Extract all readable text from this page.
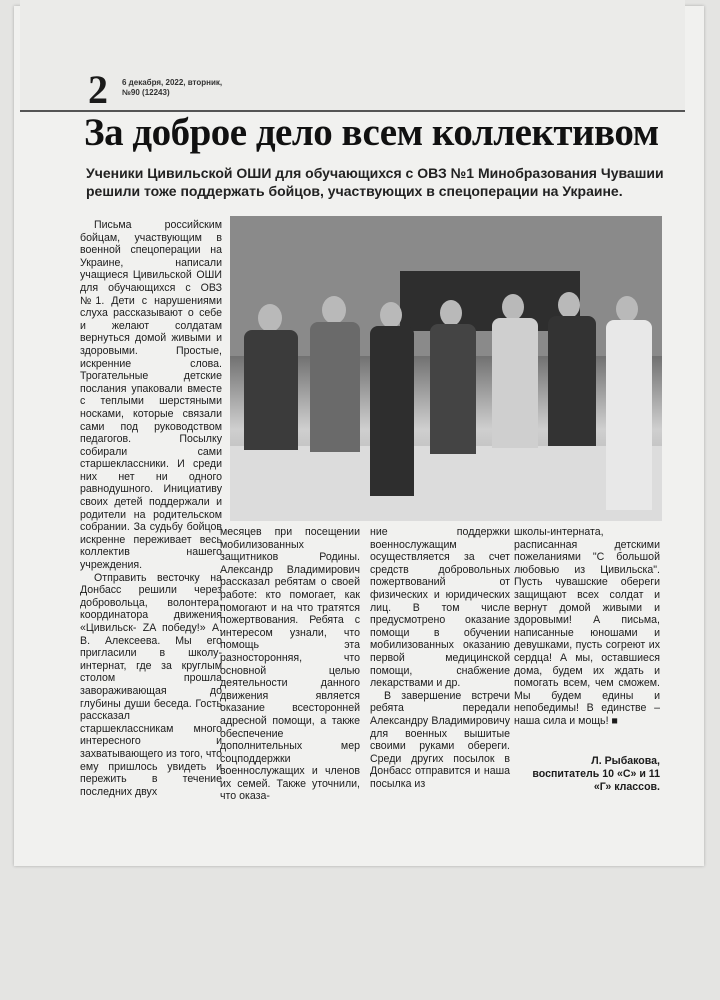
2 6 декабря, 2022, вторник,
№90 (12243)
За доброе дело всем коллективом
Ученики Цивильской ОШИ для обучающихся с ОВЗ №1 Минобразования Чувашии решили тоже поддержать бойцов, участвующих в спецоперации на Украине.

Письма российским бойцам, участвующим в военной спецоперации на Украине, написали учащиеся Цивильской ОШИ для обучающихся с ОВЗ №1. Дети с нарушениями слуха рассказывают о себе и желают солдатам вернуться домой живыми и здоровыми. Простые, искренние слова. Трогательные детские послания упаковали вместе с теплыми шерстяными носками, которые связали сами под руководством педагогов. Посылку собирали сами старшеклассники. И среди них нет ни одного равнодушного. Инициативу своих детей поддержали и родители на родительском собрании. За судьбу бойцов искренне переживает весь коллектив нашего учреждения.

Отправить весточку на Донбасс решили через добровольца, волонтера, координатора движения «Цивильск- ZA победу!» А. В. Алексеева. Мы его пригласили в школу-интернат, где за круглым столом прошла завораживающая до глубины души беседа. Гость рассказал старшеклассникам много интересного и захватывающего из того, что ему пришлось увидеть и пережить в течение последних двух

месяцев при посещении мобилизованных защитников Родины. Александр Владимирович рассказал ребятам о своей работе: кто помогает, как помогают и на что тратятся пожертвования. Ребята с интересом узнали, что помощь эта разносторонняя, что основной целью деятельности данного движения является оказание всесторонней адресной помощи, а также обеспечение дополнительных мер соцподдержки военнослужащих и членов их семей. Также уточнили, что оказа-

ние поддержки военнослужащим осуществляется за счет средств добровольных пожертвований от физических и юридических лиц. В том числе предусмотрено оказание помощи в обучении мобилизованных оказанию первой медицинской помощи, снабжение лекарствами и др.

В завершение встречи ребята передали Александру Владимировичу для военных вышитые своими руками обереги. Среди других посылок в Донбасс отправится и наша посылка из

школы-интерната, расписанная детскими пожеланиями "С большой любовью из Цивильска". Пусть чувашские обереги защищают всех солдат и вернут домой живыми и здоровыми! А письма, написанные юношами и девушками, пусть согреют их сердца! А мы, оставшиеся дома, будем их ждать и помогать всем, чем сможем. Мы будем едины и непобедимы! В единстве – наша сила и мощь! ■
Л. Рыбакова,
воспитатель 10 «С» и 11 «Г» классов.
